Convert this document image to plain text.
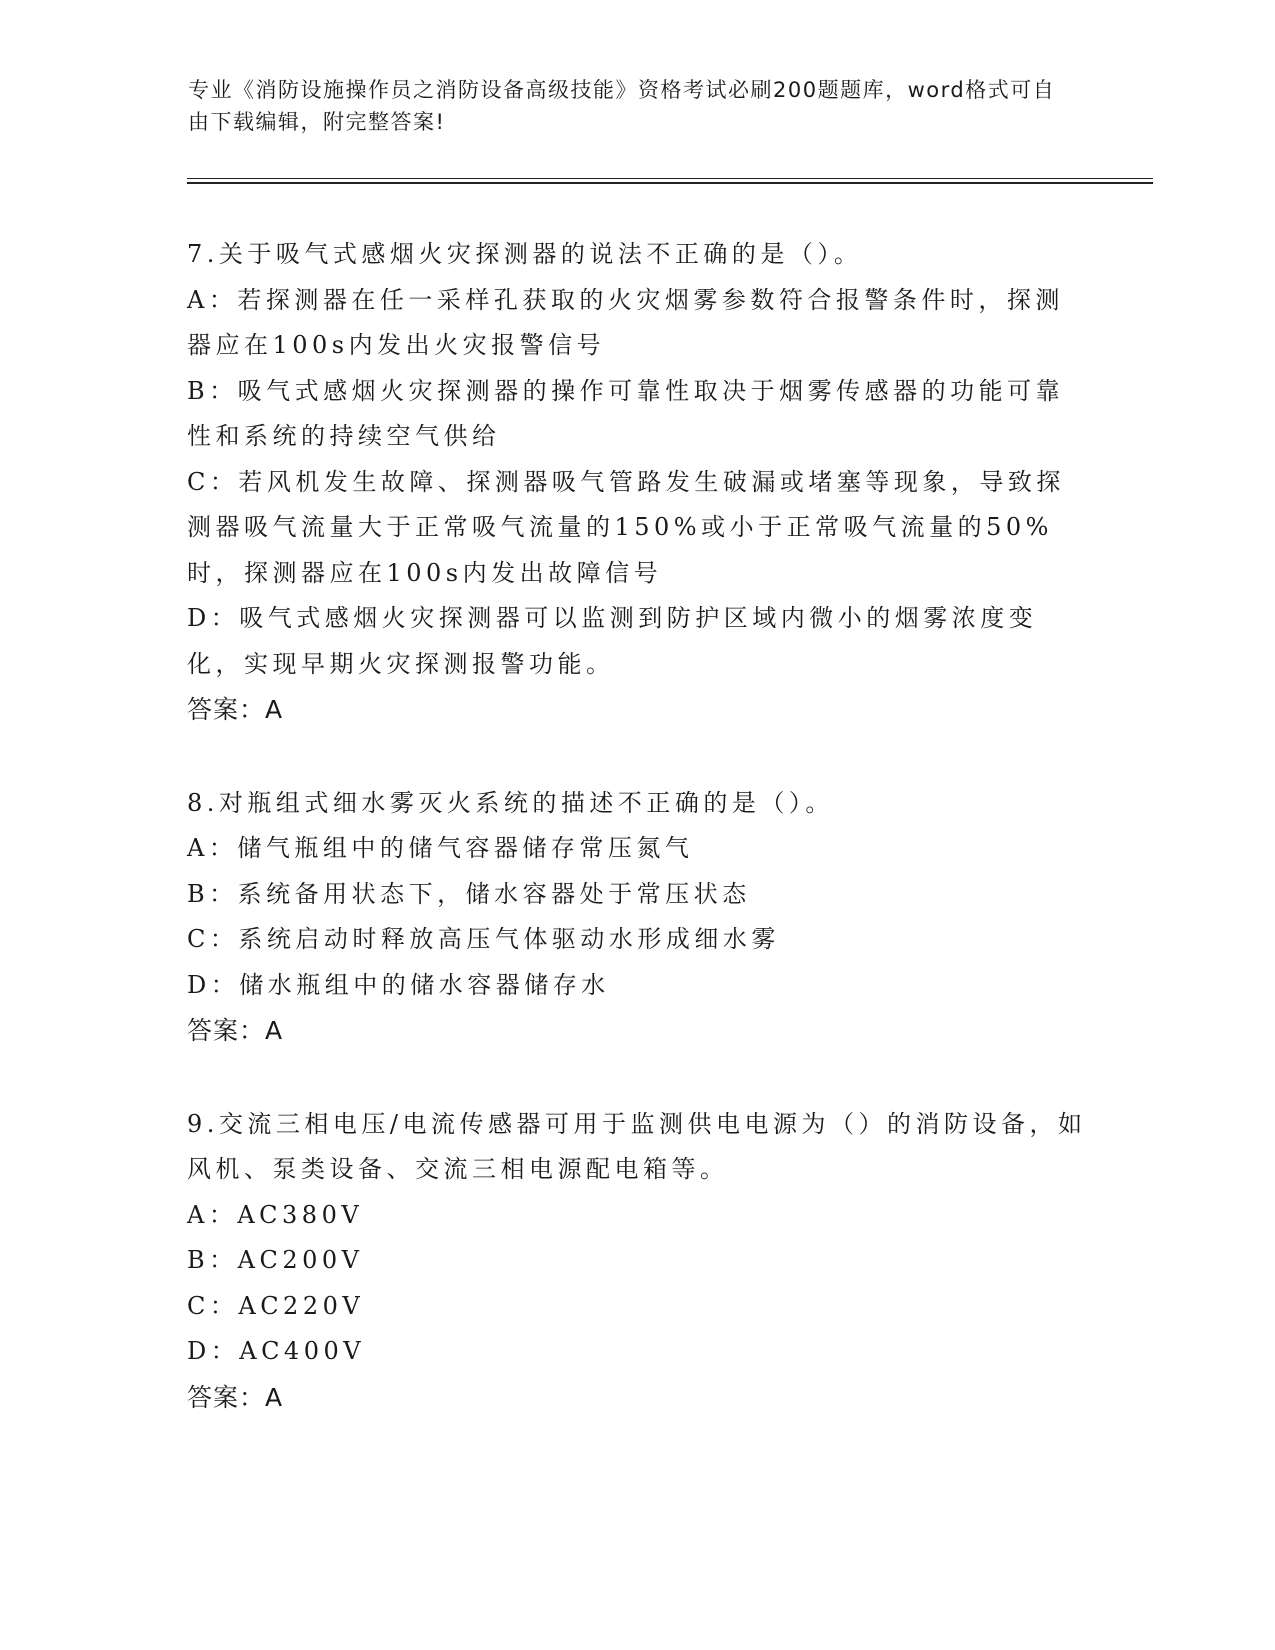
专业《消防设施操作员之消防设备高级技能》资格考试必刷200题题库，word格式可自由下载编辑，附完整答案!
7.关于吸气式感烟火灾探测器的说法不正确的是（）。
A：若探测器在任一采样孔获取的火灾烟雾参数符合报警条件时，探测器应在100s内发出火灾报警信号
B：吸气式感烟火灾探测器的操作可靠性取决于烟雾传感器的功能可靠性和系统的持续空气供给
C：若风机发生故障、探测器吸气管路发生破漏或堵塞等现象，导致探测器吸气流量大于正常吸气流量的150%或小于正常吸气流量的50%时，探测器应在100s内发出故障信号
D：吸气式感烟火灾探测器可以监测到防护区域内微小的烟雾浓度变化，实现早期火灾探测报警功能。
答案：A
8.对瓶组式细水雾灭火系统的描述不正确的是（）。
A：储气瓶组中的储气容器储存常压氮气
B：系统备用状态下，储水容器处于常压状态
C：系统启动时释放高压气体驱动水形成细水雾
D：储水瓶组中的储水容器储存水
答案：A
9.交流三相电压/电流传感器可用于监测供电电源为（）的消防设备，如风机、泵类设备、交流三相电源配电箱等。
A：AC380V
B：AC200V
C：AC220V
D：AC400V
答案：A
